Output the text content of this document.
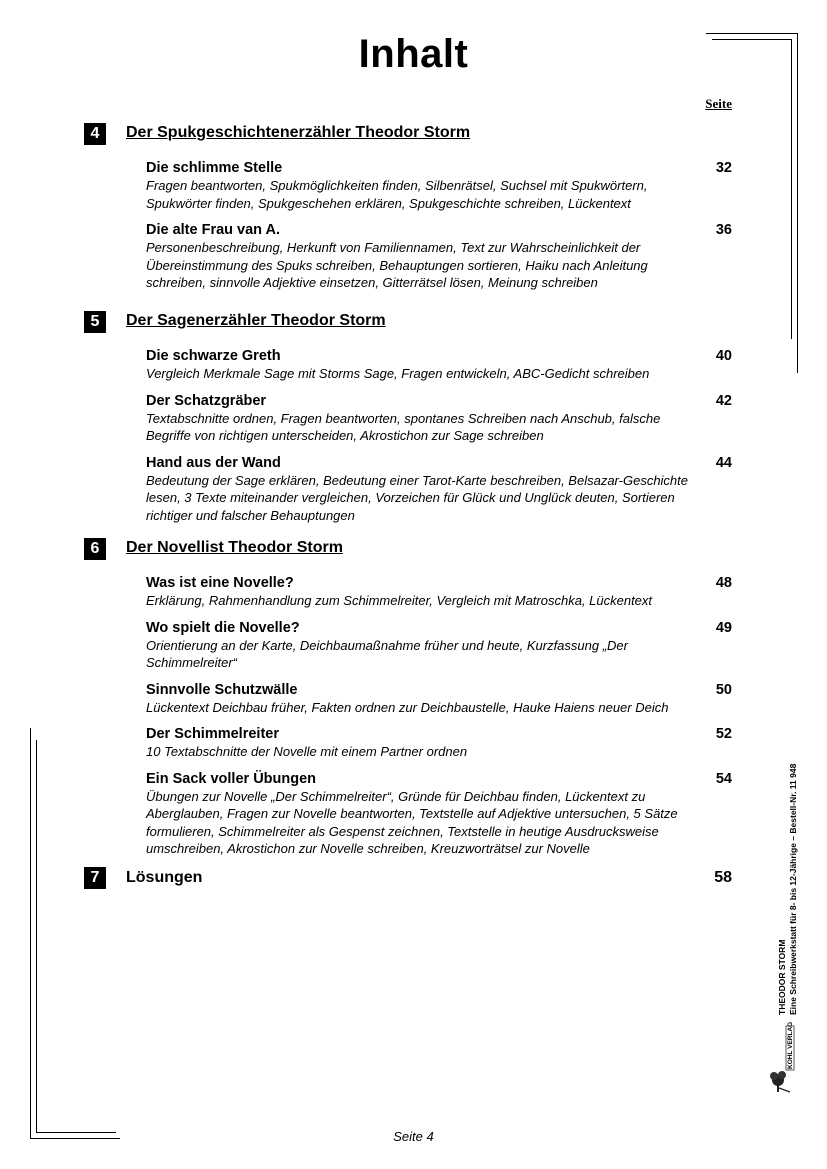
Inhalt
Seite
4	Der Spukgeschichtenerzähler Theodor Storm
Die schlimme Stelle	32
Fragen beantworten, Spukmöglichkeiten finden, Silbenrätsel, Suchsel mit Spukwörtern, Spukwörter finden, Spukgeschehen erklären, Spukgeschichte schreiben, Lückentext
Die alte Frau van A.	36
Personenbeschreibung, Herkunft von Familiennamen, Text zur Wahrscheinlichkeit der Übereinstimmung des Spuks schreiben, Behauptungen sortieren, Haiku nach Anleitung schreiben, sinnvolle Adjektive einsetzen, Gitterrätsel lösen, Meinung schreiben
5	Der Sagenerzähler Theodor Storm
Die schwarze Greth	40
Vergleich Merkmale Sage mit Storms Sage, Fragen entwickeln, ABC-Gedicht schreiben
Der Schatzgräber	42
Textabschnitte ordnen, Fragen beantworten, spontanes Schreiben nach Anschub, falsche Begriffe von richtigen unterscheiden, Akrostichon zur Sage schreiben
Hand aus der Wand	44
Bedeutung der Sage erklären, Bedeutung einer Tarot-Karte beschreiben, Belsazar-Geschichte lesen, 3 Texte miteinander vergleichen, Vorzeichen für Glück und Unglück deuten, Sortieren richtiger und falscher Behauptungen
6	Der Novellist Theodor Storm
Was ist eine Novelle?	48
Erklärung, Rahmenhandlung zum Schimmelreiter, Vergleich mit Matroschka, Lückentext
Wo spielt die Novelle?	49
Orientierung an der Karte, Deichbaumaßnahme früher und heute, Kurzfassung „Der Schimmelreiter“
Sinnvolle Schutzwälle	50
Lückentext Deichbau früher, Fakten ordnen zur Deichbaustelle, Hauke Haiens neuer Deich
Der Schimmelreiter	52
10 Textabschnitte der Novelle mit einem Partner ordnen
Ein Sack voller Übungen	54
Übungen zur Novelle „Der Schimmelreiter“, Gründe für Deichbau finden, Lückentext zu Aberglauben, Fragen zur Novelle beantworten, Textstelle auf Adjektive untersuchen, 5 Sätze formulieren, Schimmelreiter als Gespenst zeichnen, Textstelle in heutige Ausdrucksweise umschreiben, Akrostichon zur Novelle schreiben, Kreuzworträtsel zur Novelle
7	Lösungen	58
THEODOR STORM Eine Schreibwerkstatt für 8- bis 12-Jährige – Bestell-Nr. 11 948
KOHL VERLAG
Seite 4
